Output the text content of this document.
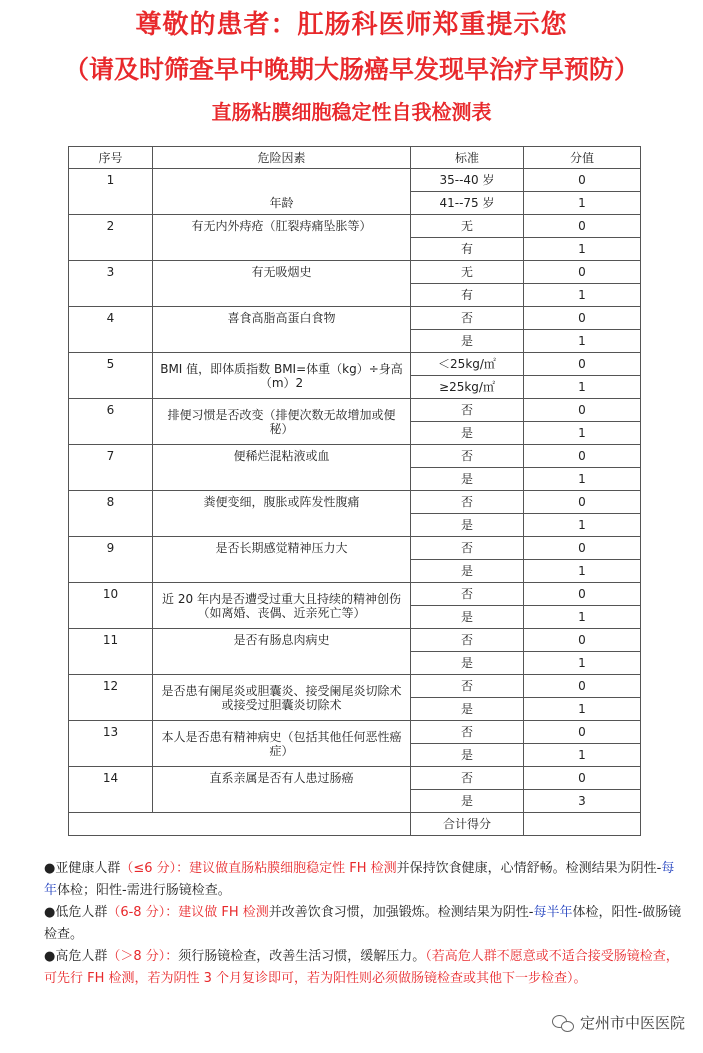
尊敬的患者：肛肠科医师郑重提示您
（请及时筛查早中晚期大肠癌早发现早治疗早预防）
直肠粘膜细胞稳定性自我检测表
序号	危险因素	标准	分值
1	年龄	35--40 岁	0
		41--75 岁	1
2	有无内外痔疮（肛裂痔痛坠胀等）	无	0
		有	1
3	有无吸烟史	无	0
		有	1
4	喜食高脂高蛋白食物	否	0
		是	1
5	BMI 值，即体质指数 BMI=体重（kg）÷身高（m）2	＜25kg/㎡	0
		≥25kg/㎡	1
6	排便习惯是否改变（排便次数无故增加或便秘）	否	0
		是	1
7	便稀烂混粘液或血	否	0
		是	1
8	粪便变细，腹胀或阵发性腹痛	否	0
		是	1
9	是否长期感觉精神压力大	否	0
		是	1
10	近 20 年内是否遭受过重大且持续的精神创伤（如离婚、丧偶、近亲死亡等）	否	0
		是	1
11	是否有肠息肉病史	否	0
		是	1
12	是否患有阑尾炎或胆囊炎、接受阑尾炎切除术或接受过胆囊炎切除术	否	0
		是	1
13	本人是否患有精神病史（包括其他任何恶性癌症）	否	0
		是	1
14	直系亲属是否有人患过肠癌	否	0
		是	3
		合计得分	

●亚健康人群（≤6 分）：建议做直肠粘膜细胞稳定性 FH 检测并保持饮食健康，心情舒畅。检测结果为阴性-每年体检；阳性-需进行肠镜检查。

●低危人群（6-8 分）：建议做 FH 检测并改善饮食习惯，加强锻炼。检测结果为阴性-每半年体检，阳性-做肠镜检查。

●高危人群（＞8 分）：须行肠镜检查，改善生活习惯，缓解压力。（若高危人群不愿意或不适合接受肠镜检查，可先行 FH 检测，若为阴性 3 个月复诊即可，若为阳性则必须做肠镜检查或其他下一步检查）。

定州市中医医院
